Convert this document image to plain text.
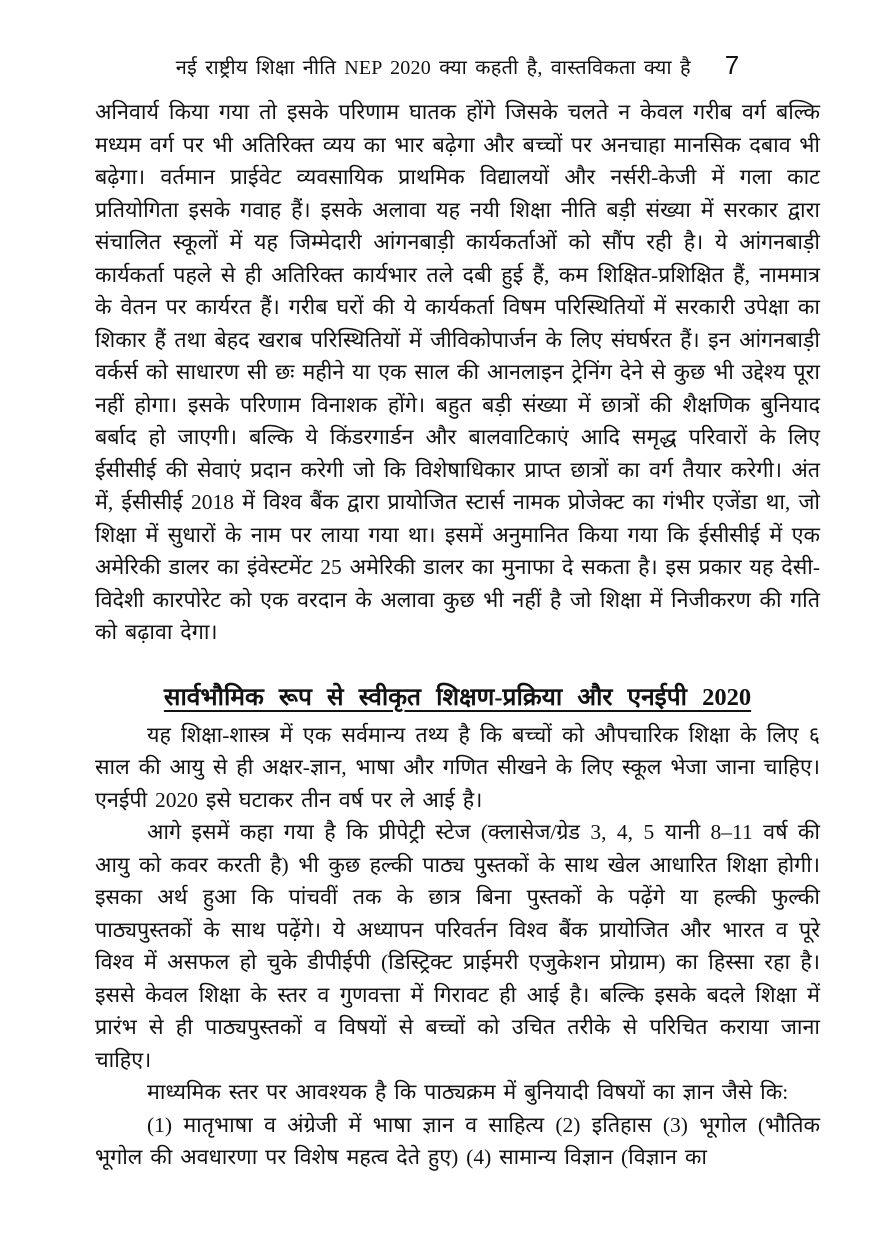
नई राष्ट्रीय शिक्षा नीति NEP 2020 क्या कहती है, वास्तविकता क्या है 7

अनिवार्य किया गया तो इसके परिणाम घातक होंगे जिसके चलते न केवल गरीब वर्ग बल्कि मध्यम वर्ग पर भी अतिरिक्त व्यय का भार बढ़ेगा और बच्चों पर अनचाहा मानसिक दबाव भी बढ़ेगा। वर्तमान प्राईवेट व्यवसायिक प्राथमिक विद्यालयों और नर्सरी-केजी में गला काट प्रतियोगिता इसके गवाह हैं। इसके अलावा यह नयी शिक्षा नीति बड़ी संख्या में सरकार द्वारा संचालित स्कूलों में यह जिम्मेदारी आंगनबाड़ी कार्यकर्ताओं को सौंप रही है। ये आंगनबाड़ी कार्यकर्ता पहले से ही अतिरिक्त कार्यभार तले दबी हुई हैं, कम शिक्षित-प्रशिक्षित हैं, नाममात्र के वेतन पर कार्यरत हैं। गरीब घरों की ये कार्यकर्ता विषम परिस्थितियों में सरकारी उपेक्षा का शिकार हैं तथा बेहद खराब परिस्थितियों में जीविकोपार्जन के लिए संघर्षरत हैं। इन आंगनबाड़ी वर्कर्स को साधारण सी छः महीने या एक साल की आनलाइन ट्रेनिंग देने से कुछ भी उद्देश्य पूरा नहीं होगा। इसके परिणाम विनाशक होंगे। बहुत बड़ी संख्या में छात्रों की शैक्षणिक बुनियाद बर्बाद हो जाएगी। बल्कि ये किंडरगार्डन और बालवाटिकाएं आदि समृद्ध परिवारों के लिए ईसीसीई की सेवाएं प्रदान करेगी जो कि विशेषाधिकार प्राप्त छात्रों का वर्ग तैयार करेगी। अंत में, ईसीसीई 2018 में विश्व बैंक द्वारा प्रायोजित स्टार्स नामक प्रोजेक्ट का गंभीर एजेंडा था, जो शिक्षा में सुधारों के नाम पर लाया गया था। इसमें अनुमानित किया गया कि ईसीसीई में एक अमेरिकी डालर का इंवेस्टमेंट 25 अमेरिकी डालर का मुनाफा दे सकता है। इस प्रकार यह देसी-विदेशी कारपोरेट को एक वरदान के अलावा कुछ भी नहीं है जो शिक्षा में निजीकरण की गति को बढ़ावा देगा।

सार्वभौमिक रूप से स्वीकृत शिक्षण-प्रक्रिया और एनईपी 2020

यह शिक्षा-शास्त्र में एक सर्वमान्य तथ्य है कि बच्चों को औपचारिक शिक्षा के लिए ६ साल की आयु से ही अक्षर-ज्ञान, भाषा और गणित सीखने के लिए स्कूल भेजा जाना चाहिए। एनईपी 2020 इसे घटाकर तीन वर्ष पर ले आई है।

आगे इसमें कहा गया है कि प्रीपेट्री स्टेज (क्लासेज/ग्रेड 3, 4, 5 यानी 8–11 वर्ष की आयु को कवर करती है) भी कुछ हल्की पाठ्य पुस्तकों के साथ खेल आधारित शिक्षा होगी। इसका अर्थ हुआ कि पांचवीं तक के छात्र बिना पुस्तकों के पढ़ेंगे या हल्की फुल्की पाठ्यपुस्तकों के साथ पढ़ेंगे। ये अध्यापन परिवर्तन विश्व बैंक प्रायोजित और भारत व पूरे विश्व में असफल हो चुके डीपीईपी (डिस्ट्रिक्ट प्राईमरी एजुकेशन प्रोग्राम) का हिस्सा रहा है। इससे केवल शिक्षा के स्तर व गुणवत्ता में गिरावट ही आई है। बल्कि इसके बदले शिक्षा में प्रारंभ से ही पाठ्यपुस्तकों व विषयों से बच्चों को उचित तरीके से परिचित कराया जाना चाहिए।

माध्यमिक स्तर पर आवश्यक है कि पाठ्यक्रम में बुनियादी विषयों का ज्ञान जैसे कि:

(1) मातृभाषा व अंग्रेजी में भाषा ज्ञान व साहित्य (2) इतिहास (3) भूगोल (भौतिक भूगोल की अवधारणा पर विशेष महत्व देते हुए) (4) सामान्य विज्ञान (विज्ञान का
